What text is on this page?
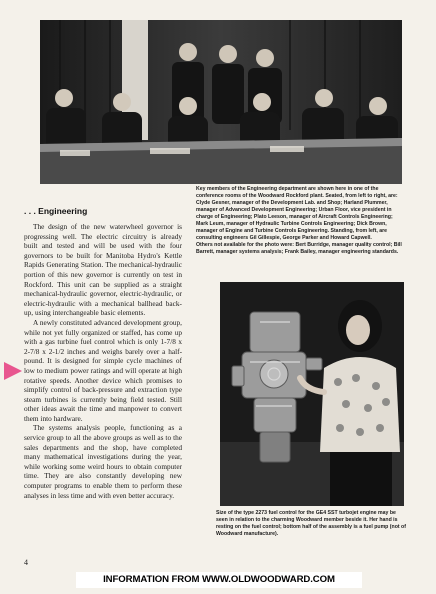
Key members of the Engineering department are shown here in one of the conference rooms of the Woodward Rockford plant. Seated, from left to right, are: Clyde Gesner, manager of the Development Lab. and Shop; Harland Plummer, manager of Advanced Development Engineering; Urban Floor, vice president in charge of Engineering; Plato Leeson, manager of Aircraft Controls Engineering; Mark Leum, manager of Hydraulic Turbine Controls Engineering; Dick Brown, manager of Engine and Turbine Controls Engineering. Standing, from left, are consulting engineers Gil Gillespie, George Parker and Howard Capwell.

Others not available for the photo were: Bert Burridge, manager quality control; Bill Barrett, manager systems analysis; Frank Bailey, manager engineering standards.

. . . Engineering

The design of the new waterwheel governor is progressing well. The electric circuitry is already built and tested and will be used with the four governors to be built for Manitoba Hydro's Kettle Rapids Generating Station. The mechanical-hydraulic portion of this new governor is currently on test in Rockford. This unit can be supplied as a straight mechanical-hydraulic governor, electric-hydraulic, or electric-hydraulic with a mechanical ballhead back-up, using interchangeable basic elements.

A newly constituted advanced development group, while not yet fully organized or staffed, has come up with a gas turbine fuel control which is only 1-7/8 x 2-7/8 x 2-1/2 inches and weighs barely over a half-pound. It is designed for simple cycle machines of low to medium power ratings and will operate at high rotative speeds. Another device which promises to simplify control of back-pressure and extraction type steam turbines is currently being field tested. Still other ideas await the time and manpower to convert them into hardware.

The systems analysis people, functioning as a service group to all the above groups as well as to the sales departments and the shop, have completed many mathematical investigations during the year, while working some weird hours to obtain computer time. They are also constantly developing new computer programs to enable them to perform these analyses in less time and with even better accuracy.

Size of the type 2273 fuel control for the GE4 SST turbojet engine may be seen in relation to the charming Woodward member beside it. Her hand is resting on the fuel control; bottom half of the assembly is a fuel pump (not of Woodward manufacture).
4
INFORMATION FROM WWW.OLDWOODWARD.COM
